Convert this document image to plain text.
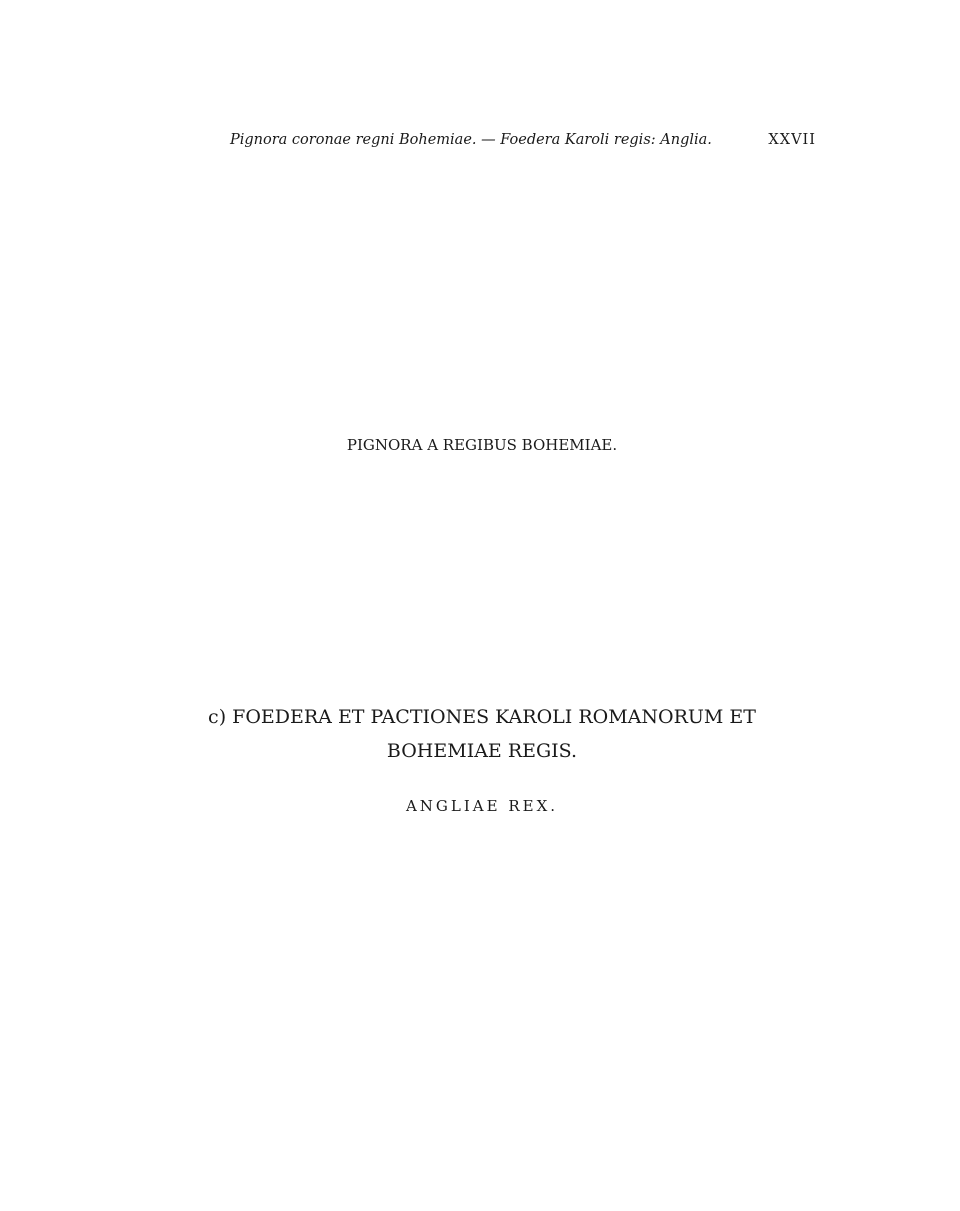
Pignora coronae regni Bohemiae. — Foedera Karoli regis: Anglia.	XXVII
PIGNORA A REGIBUS BOHEMIAE.
c) FOEDERA ET PACTIONES KAROLI ROMANORUM ET
BOHEMIAE REGIS.
ANGLIAE REX.
